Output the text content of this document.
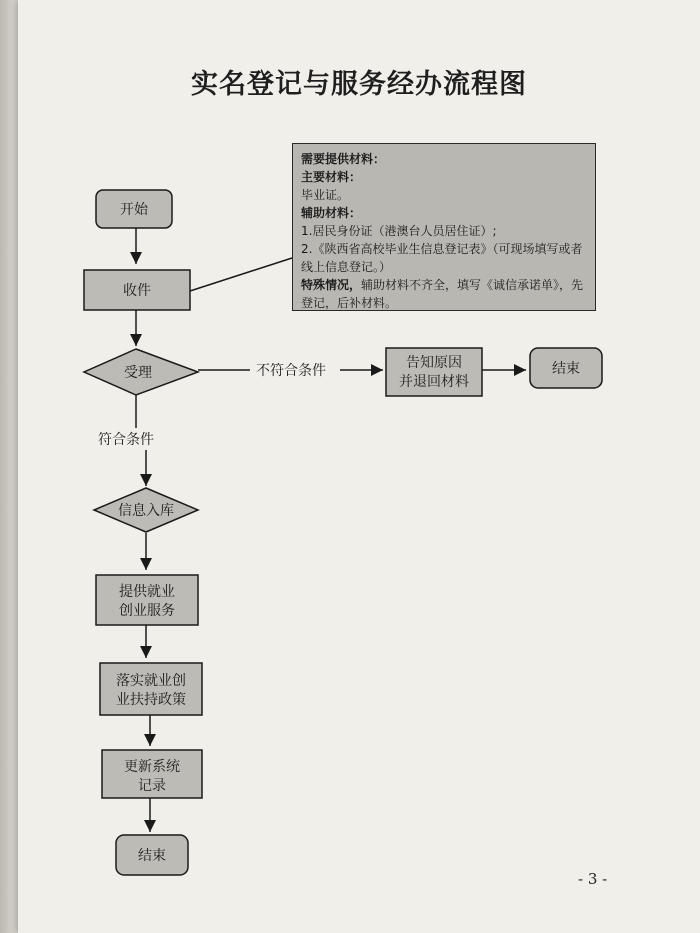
实名登记与服务经办流程图
开始
收件
受理
告知原因
并退回材料
结束
信息入库
提供就业
创业服务
落实就业创
业扶持政策
更新系统
记录
结束
不符合条件
符合条件
需要提供材料：
主要材料：
毕业证。
辅助材料：
1.居民身份证（港澳台人员居住证）;
2.《陕西省高校毕业生信息登记表》（可现场填写或者线上信息登记。）
特殊情况，辅助材料不齐全，填写《诚信承诺单》，先登记，后补材料。
- 3 -
